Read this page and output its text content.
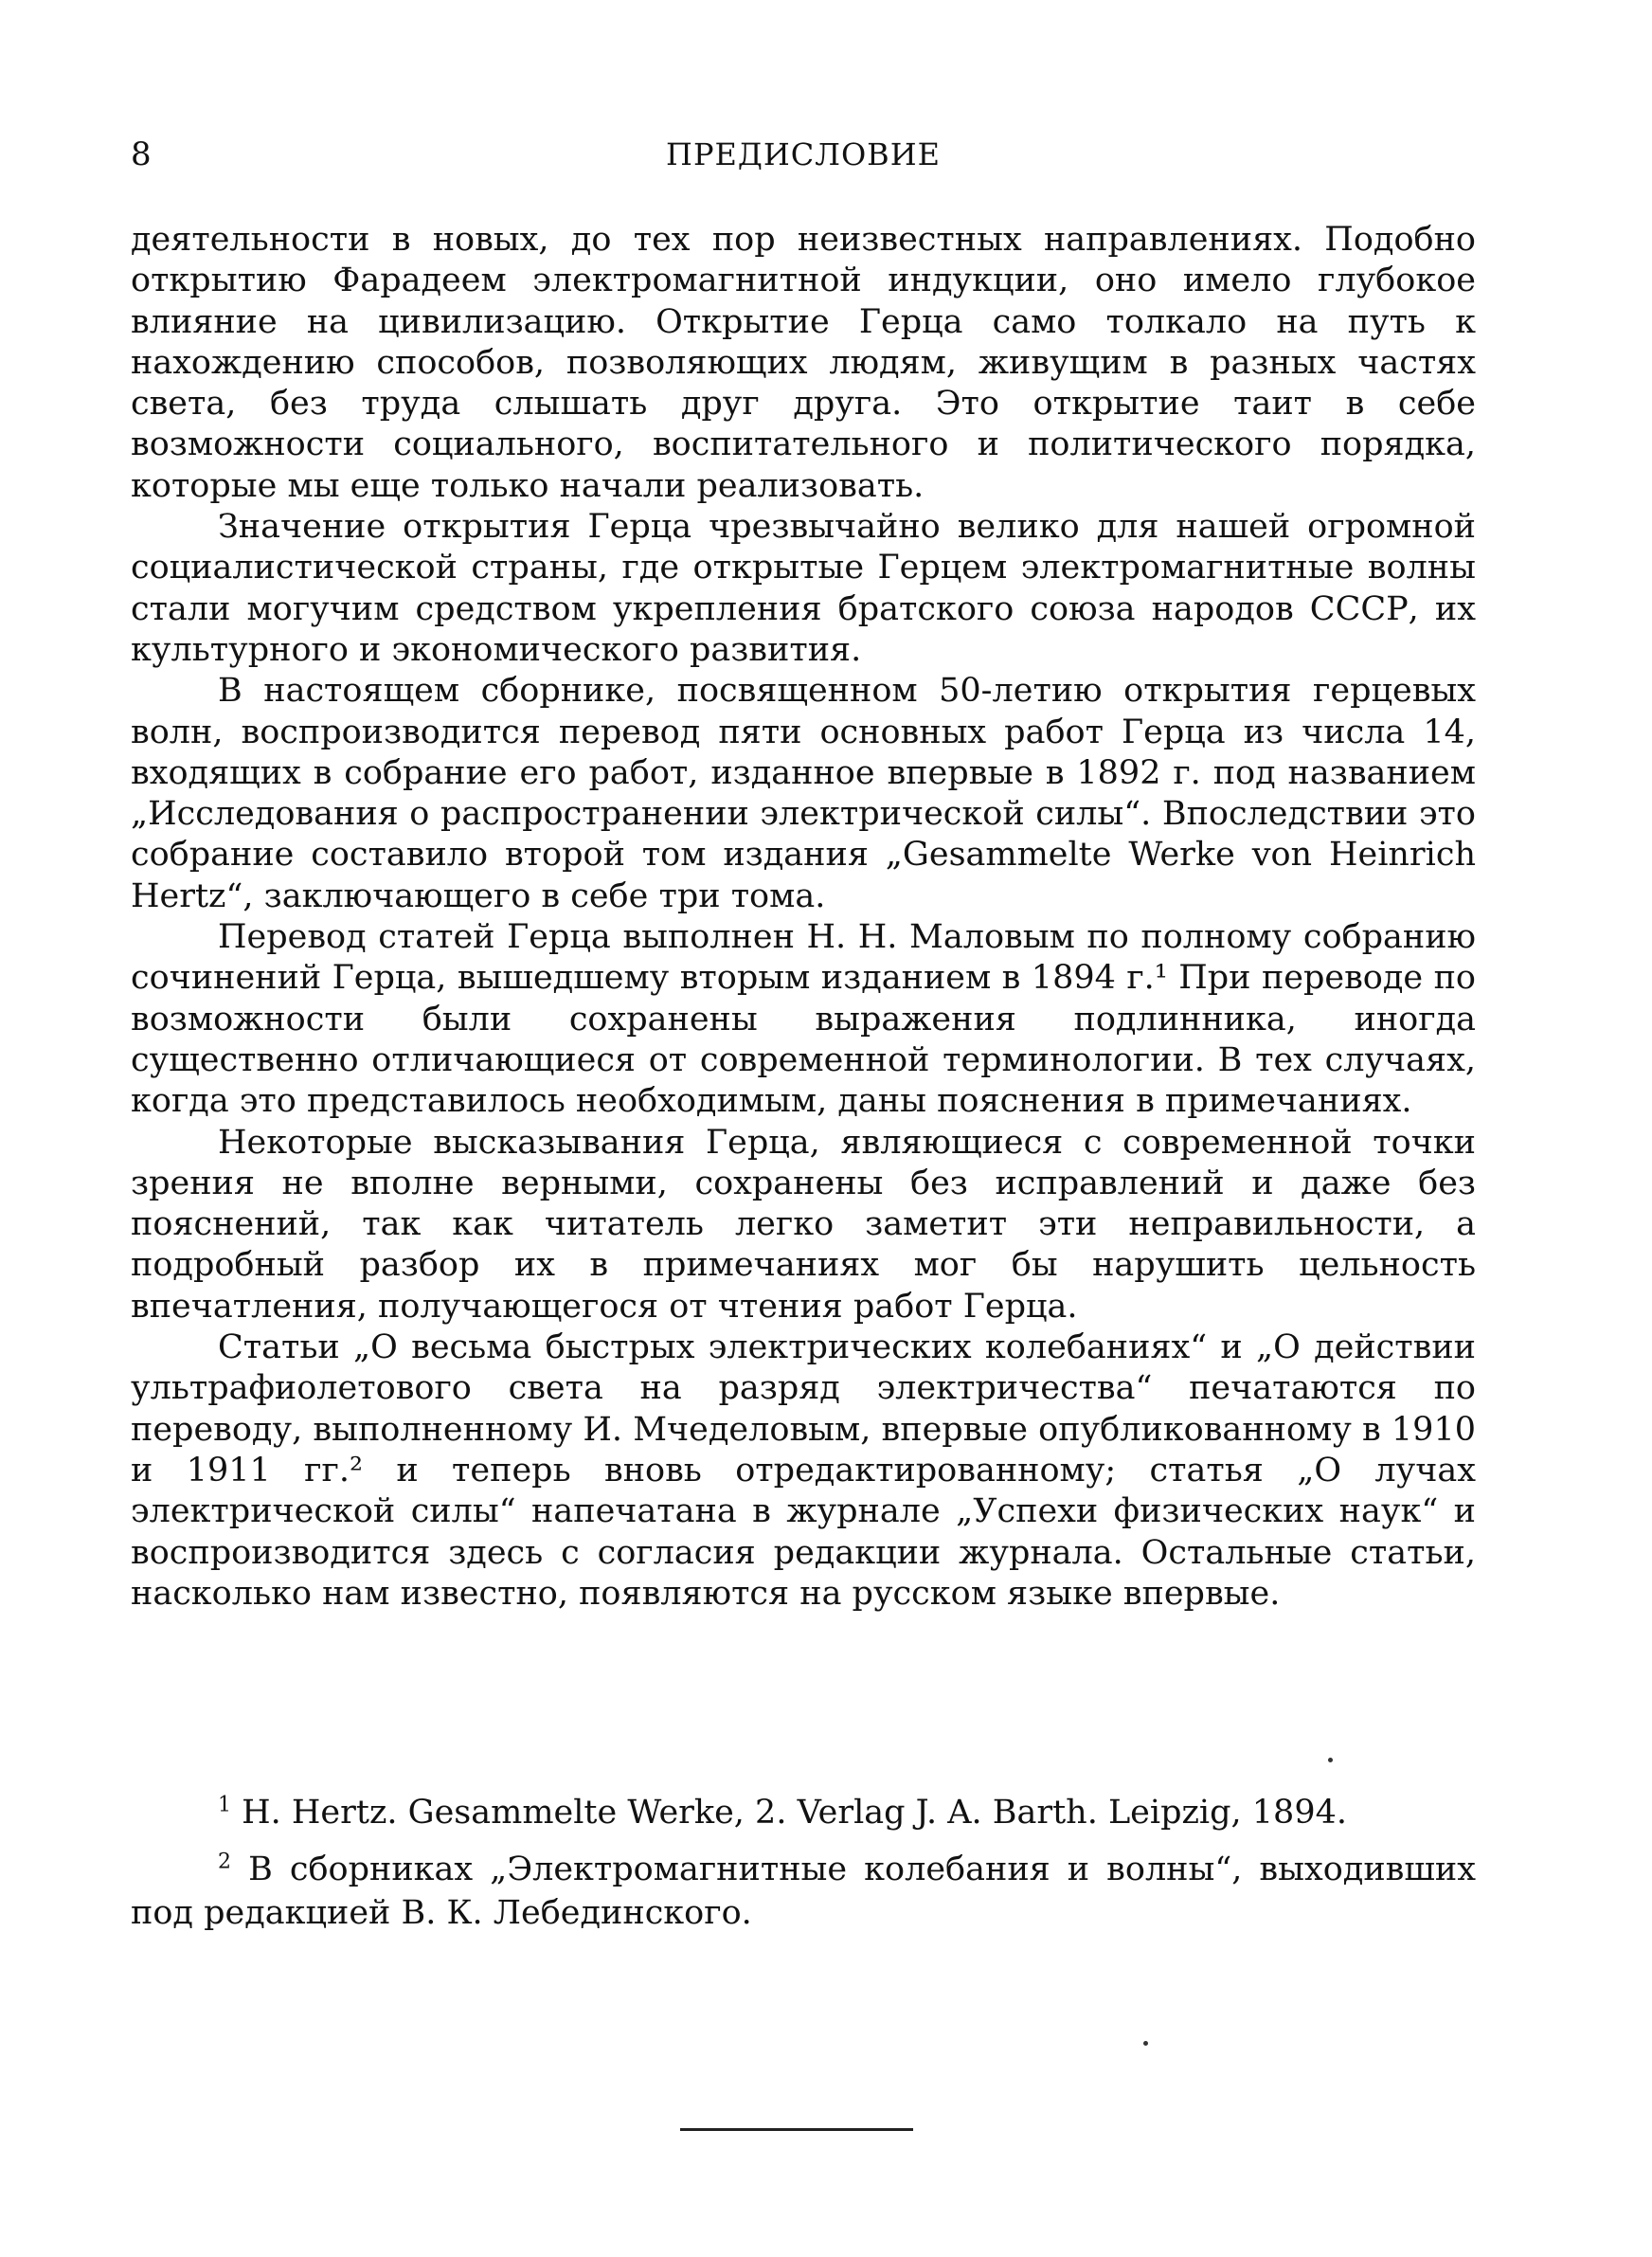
8	ПРЕДИСЛОВИЕ

деятельности в новых, до тех пор неизвестных направлениях. Подобно открытию Фарадеем электромагнитной индукции, оно имело глубокое влияние на цивилизацию. Открытие Герца само толкало на путь к нахождению способов, позволяющих людям, живущим в разных частях света, без труда слышать друг друга. Это открытие таит в себе возможности социального, воспитательного и политического порядка, которые мы еще только начали реализовать.

Значение открытия Герца чрезвычайно велико для нашей огромной социалистической страны, где открытые Герцем электромагнитные волны стали могучим средством укрепления братского союза народов СССР, их культурного и экономического развития.

В настоящем сборнике, посвященном 50-летию открытия герцевых волн, воспроизводится перевод пяти основных работ Герца из числа 14, входящих в собрание его работ, изданное впервые в 1892 г. под названием „Исследования о распространении электрической силы“. Впоследствии это собрание составило второй том издания „Gesammelte Werke von Heinrich Hertz“, заключающего в себе три тома.

Перевод статей Герца выполнен Н. Н. Маловым по полному собранию сочинений Герца, вышедшему вторым изданием в 1894 г.¹ При переводе по возможности были сохранены выражения подлинника, иногда существенно отличающиеся от современной терминологии. В тех случаях, когда это представилось необходимым, даны пояснения в примечаниях.

Некоторые высказывания Герца, являющиеся с современной точки зрения не вполне верными, сохранены без исправлений и даже без пояснений, так как читатель легко заметит эти неправильности, а подробный разбор их в примечаниях мог бы нарушить цельность впечатления, получающегося от чтения работ Герца.

Статьи „О весьма быстрых электрических колебаниях“ и „О действии ультрафиолетового света на разряд электричества“ печатаются по переводу, выполненному И. Мчеделовым, впервые опубликованному в 1910 и 1911 гг.² и теперь вновь отредактированному; статья „О лучах электрической силы“ напечатана в журнале „Успехи физических наук“ и воспроизводится здесь с согласия редакции журнала. Остальные статьи, насколько нам известно, появляются на русском языке впервые.

$^1$ H. Hertz. Gesammelte Werke, 2. Verlag J. A. Barth. Leipzig, 1894.

$^2$ В сборниках „Электромагнитные колебания и волны“, выходивших под редакцией В. К. Лебединского.
